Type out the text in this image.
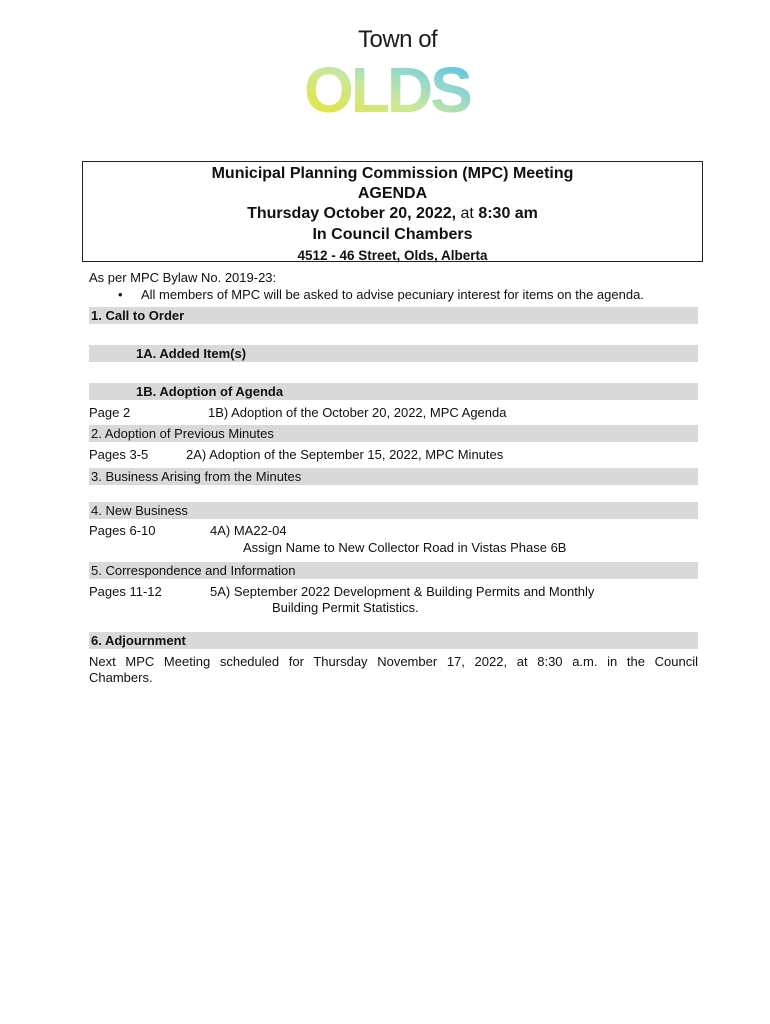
Town of
OLDS
Municipal Planning Commission (MPC) Meeting
AGENDA
Thursday October 20, 2022, at 8:30 am
In Council Chambers
4512 - 46 Street, Olds, Alberta
As per MPC Bylaw No. 2019-23:
• All members of MPC will be asked to advise pecuniary interest for items on the agenda.
1. Call to Order
1A. Added Item(s)
1B. Adoption of Agenda
Page 2	1B) Adoption of the October 20, 2022, MPC Agenda
2. Adoption of Previous Minutes
Pages 3-5	2A) Adoption of the September 15, 2022, MPC Minutes
3. Business Arising from the Minutes
4. New Business
Pages 6-10	4A) MA22-04
Assign Name to New Collector Road in Vistas Phase 6B
5. Correspondence and Information
Pages 11-12	5A) September 2022 Development & Building Permits and Monthly
Building Permit Statistics.
6. Adjournment
Next MPC Meeting scheduled for Thursday November 17, 2022, at 8:30 a.m. in the Council
Chambers.
